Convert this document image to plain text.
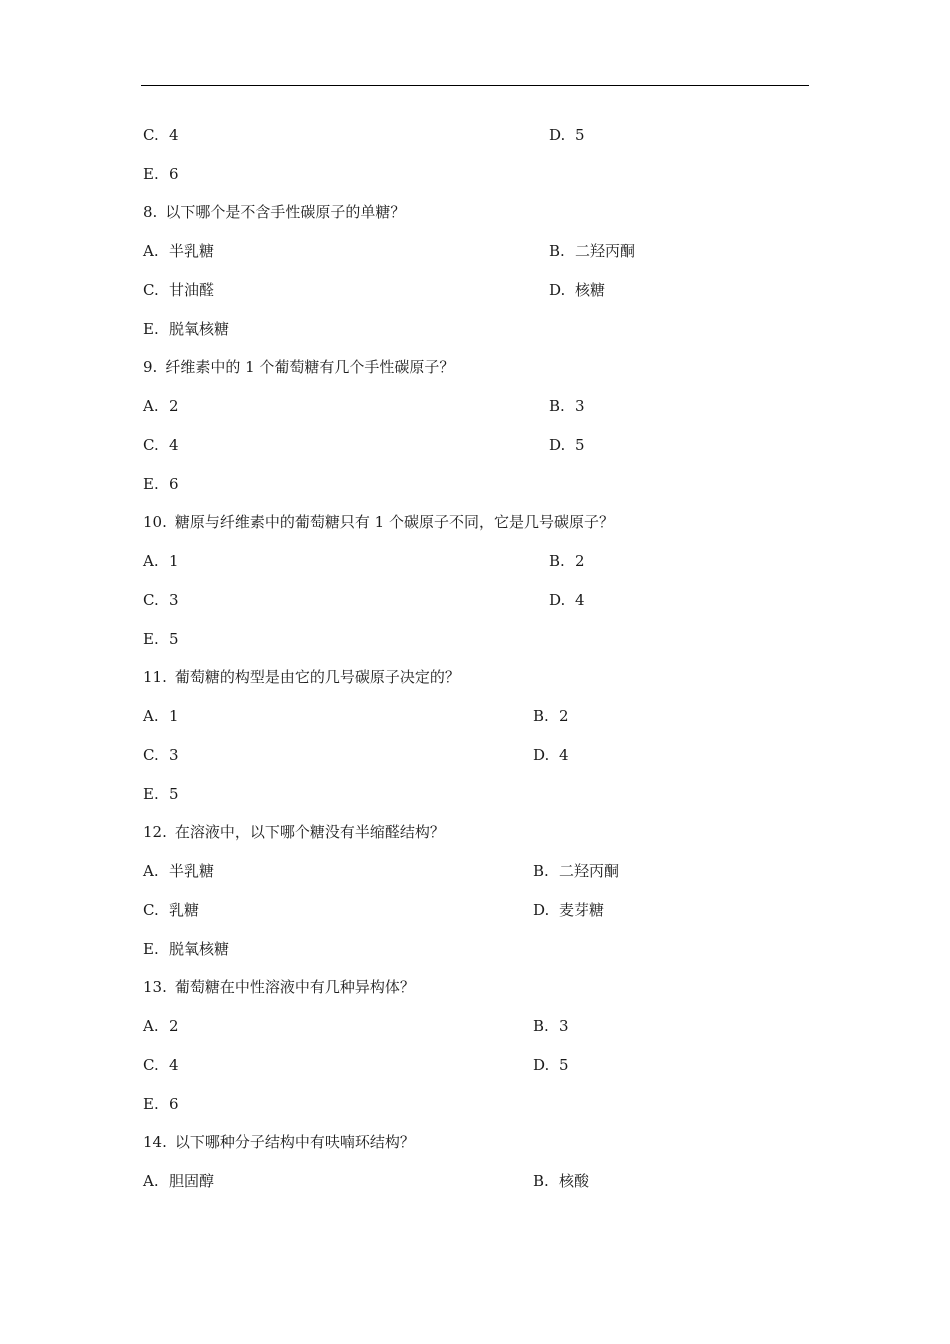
C. 4	D. 5
E. 6
8. 以下哪个是不含手性碳原子的单糖？
A. 半乳糖	B. 二羟丙酮
C. 甘油醛	D. 核糖
E. 脱氧核糖
9. 纤维素中的 1 个葡萄糖有几个手性碳原子？
A. 2	B. 3
C. 4	D. 5
E. 6
10. 糖原与纤维素中的葡萄糖只有 1 个碳原子不同，它是几号碳原子？
A. 1	B. 2
C. 3	D. 4
E. 5
11. 葡萄糖的构型是由它的几号碳原子决定的？
A. 1	B. 2
C. 3	D. 4
E. 5
12. 在溶液中，以下哪个糖没有半缩醛结构？
A. 半乳糖	B. 二羟丙酮
C. 乳糖	D. 麦芽糖
E. 脱氧核糖
13. 葡萄糖在中性溶液中有几种异构体？
A. 2	B. 3
C. 4	D. 5
E. 6
14. 以下哪种分子结构中有呋喃环结构？
A. 胆固醇	B. 核酸
